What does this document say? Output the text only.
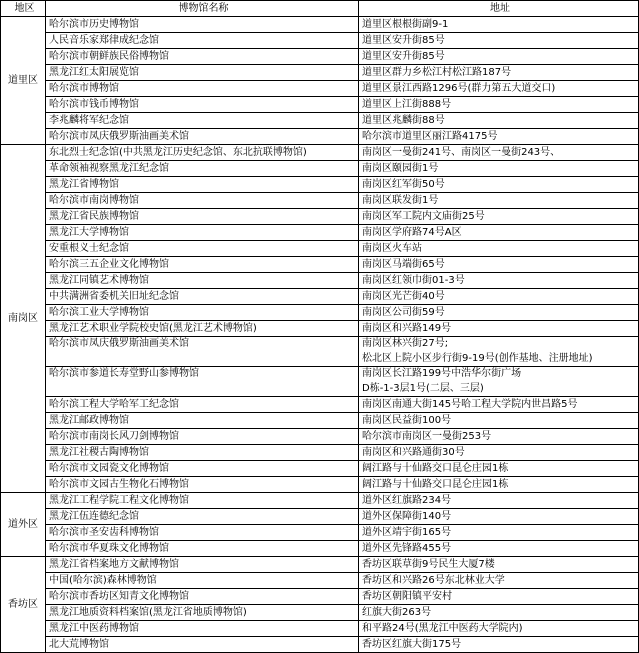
地区	博物馆名称	地址
道里区	哈尔滨市历史博物馆	道里区根根街副9-1

	人民音乐家郑律成纪念馆	道里区安升街85号

	哈尔滨市朝鲜族民俗博物馆	道里区安升街85号

	黑龙江红太阳展览馆	道里区群力乡松江村松江路187号

	哈尔滨市博物馆	道里区景江西路1296号(群力第五大道交口)

	哈尔滨市钱币博物馆	道里区上江街888号

	李兆麟将军纪念馆	道里区兆麟街88号

	哈尔滨市凤庆俄罗斯油画美术馆	哈尔滨市道里区丽江路4175号

南岗区	东北烈士纪念馆(中共黑龙江历史纪念馆、东北抗联博物馆)	南岗区一曼街241号、南岗区一曼街243号、

	革命领袖视察黑龙江纪念馆	南岗区颐园街1号

	黑龙江省博物馆	南岗区红军街50号

	哈尔滨市南岗博物馆	南岗区联发街1号

	黑龙江省民族博物馆	南岗区军工院内文庙街25号

	黑龙江大学博物馆	南岗区学府路74号A区

	安重根义士纪念馆	南岗区火车站

	哈尔滨三五企业文化博物馆	南岗区马端街65号

	黑龙江同镇艺术博物馆	南岗区红领巾街01-3号

	中共满洲省委机关旧址纪念馆	南岗区光芒街40号

	哈尔滨工业大学博物馆	南岗区公司街59号

	黑龙江艺术职业学院校史馆(黑龙江艺术博物馆)	南岗区和兴路149号

	哈尔滨市凤庆俄罗斯油画美术馆	南岗区林兴街27号;
松北区上院小区步行街9-19号(创作基地、注册地址)

	哈尔滨市参道长寿堂野山参博物馆	南岗区长江路199号中浩华尔街广场
D栋-1-3层1号(二层、三层)

	哈尔滨工程大学哈军工纪念馆	南岗区南通大街145号哈工程大学院内世昌路5号

	黑龙江邮政博物馆	南岗区民益街100号

	哈尔滨市南岗长风刀剑博物馆	哈尔滨市南岗区一曼街253号

	黑龙江社稷古陶博物馆	南岗区和兴路通街30号

	哈尔滨市文园瓷文化博物馆	阔江路与十仙路交口昆仑庄园1栋

	哈尔滨市文园古生物化石博物馆	阔江路与十仙路交口昆仑庄园1栋

道外区	黑龙江工程学院工程文化博物馆	道外区红旗路234号

	黑龙江伍连德纪念馆	道外区保障街140号

	哈尔滨市圣安齿科博物馆	道外区靖宇街165号

	哈尔滨市华夏珠文化博物馆	道外区先锋路455号

香坊区	黑龙江省档案地方文献博物馆	香坊区联草街9号民生大厦7楼

	中国(哈尔滨)森林博物馆	香坊区和兴路26号东北林业大学

	哈尔滨市香坊区知青文化博物馆	香坊区朝阳镇平安村

	黑龙江地质资料档案馆(黑龙江省地质博物馆)	红旗大街263号

	黑龙江中医药博物馆	和平路24号(黑龙江中医药大学院内)

	北大荒博物馆	香坊区红旗大街175号
